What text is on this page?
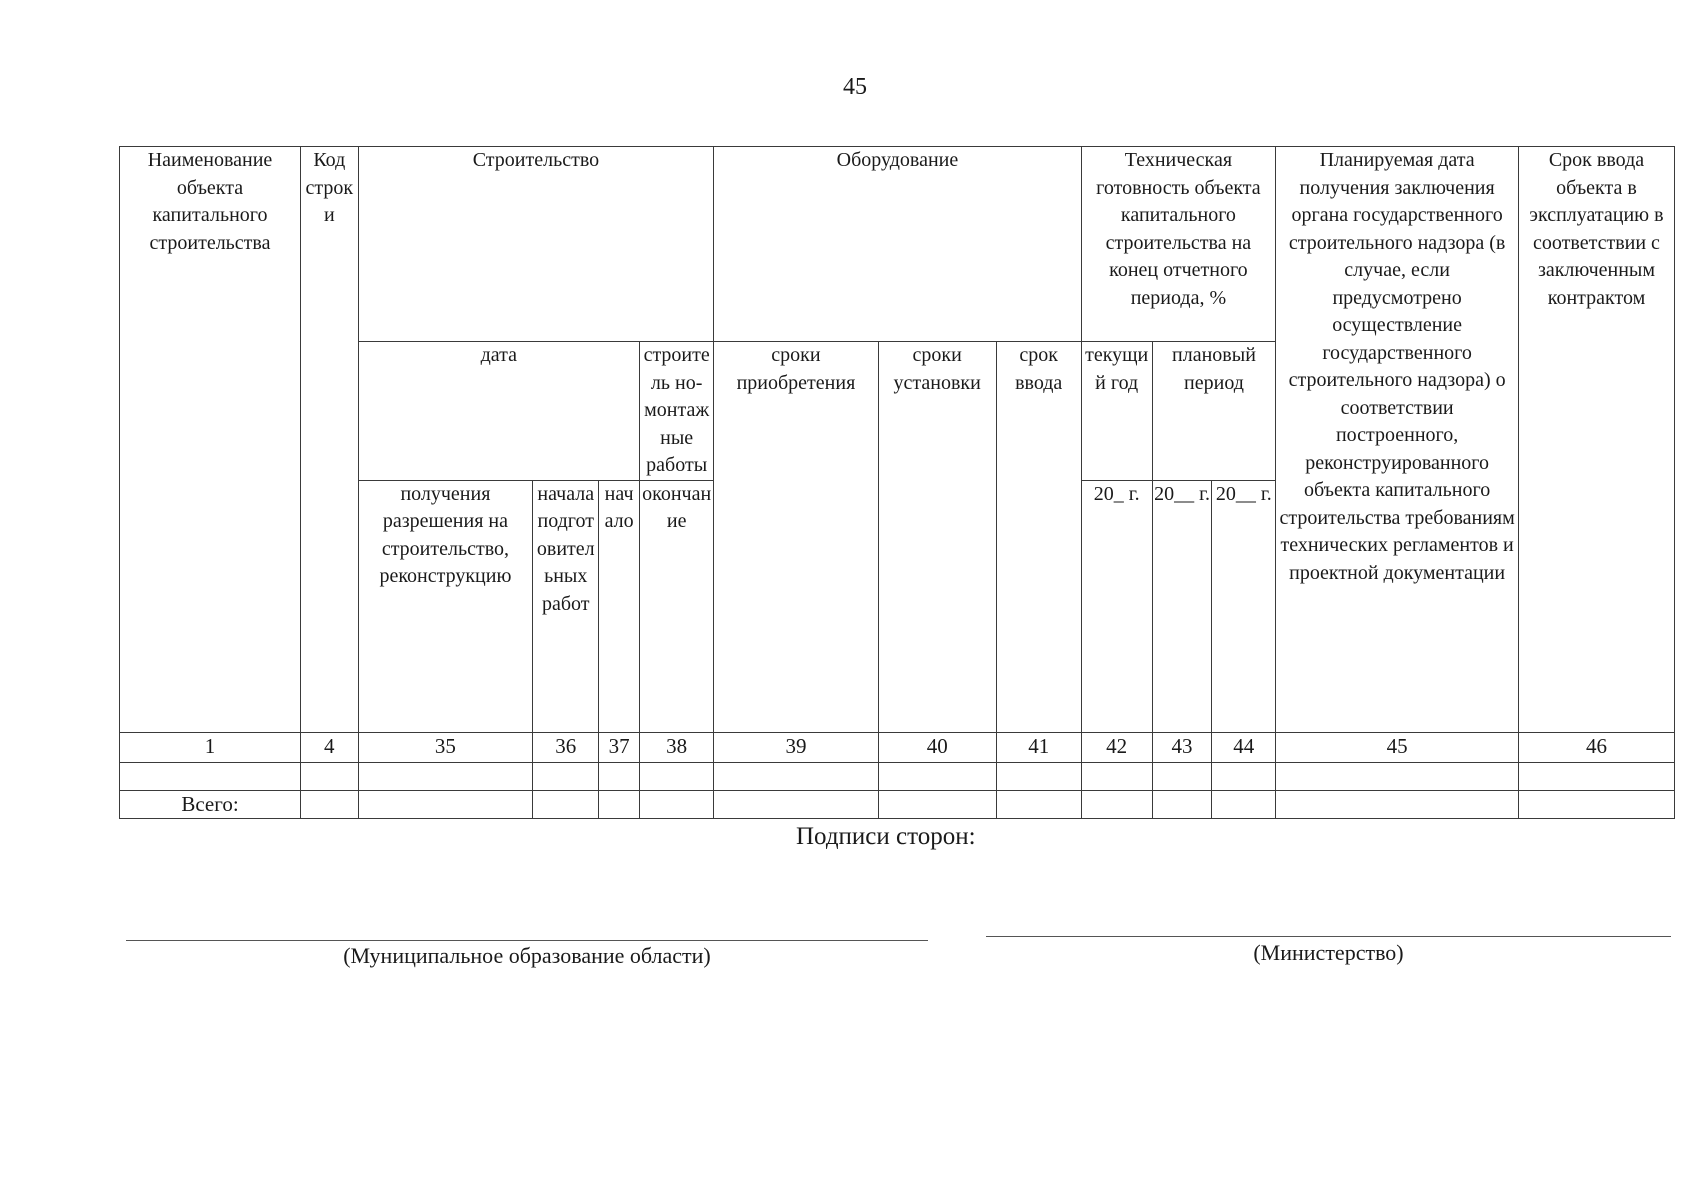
45
Наименование объекта капитального строительства	Код строки	Строительство				Оборудование			Техническая готовность объекта капитального строительства на конец отчетного периода, %			Планируемая дата получения заключения органа государственного строительного надзора (в случае, если предусмотрено осуществление государственного строительного надзора) о соответствии построенного, реконструированного объекта капитального строительства требованиям технических регламентов и проектной документации	Срок ввода объекта в эксплуатацию в соответствии с заключенным контрактом
		дата			строитель но-монтажные работы	сроки приобретения	сроки установки	срок ввода	текущий год	плановый период			
		получения разрешения на строительство, реконструкцию	начала подготовительных работ	начало	окончание				20_ г.	20__ г.	20__ г.		
1	4	35	36	37	38	39	40	41	42	43	44	45	46

Всего:													
Подписи сторон:
(Муниципальное образование области)	(Министерство)
